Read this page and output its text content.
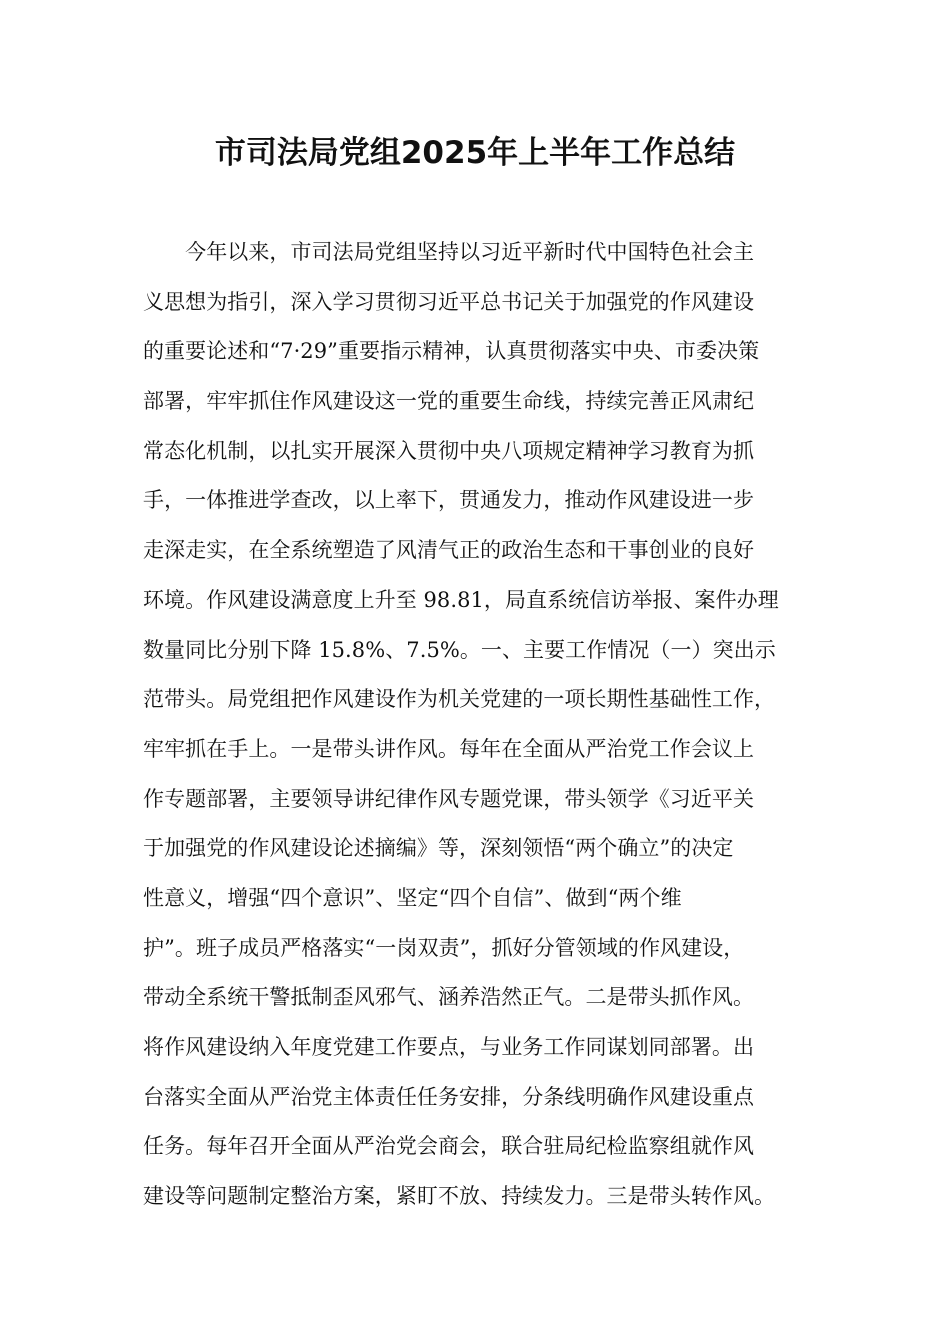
市司法局党组2025年上半年工作总结
　　今年以来，市司法局党组坚持以习近平新时代中国特色社会主
义思想为指引，深入学习贯彻习近平总书记关于加强党的作风建设
的重要论述和“7·29”重要指示精神，认真贯彻落实中央、市委决策
部署，牢牢抓住作风建设这一党的重要生命线，持续完善正风肃纪
常态化机制，以扎实开展深入贯彻中央八项规定精神学习教育为抓
手，一体推进学查改，以上率下，贯通发力，推动作风建设进一步
走深走实，在全系统塑造了风清气正的政治生态和干事创业的良好
环境。作风建设满意度上升至 98.81，局直系统信访举报、案件办理
数量同比分别下降 15.8%、7.5%。一、主要工作情况（一）突出示
范带头。局党组把作风建设作为机关党建的一项长期性基础性工作，
牢牢抓在手上。一是带头讲作风。每年在全面从严治党工作会议上
作专题部署，主要领导讲纪律作风专题党课，带头领学《习近平关
于加强党的作风建设论述摘编》等，深刻领悟“两个确立”的决定
性意义，增强“四个意识”、坚定“四个自信”、做到“两个维
护”。班子成员严格落实“一岗双责”，抓好分管领域的作风建设，
带动全系统干警抵制歪风邪气、涵养浩然正气。二是带头抓作风。
将作风建设纳入年度党建工作要点，与业务工作同谋划同部署。出
台落实全面从严治党主体责任任务安排，分条线明确作风建设重点
任务。每年召开全面从严治党会商会，联合驻局纪检监察组就作风
建设等问题制定整治方案，紧盯不放、持续发力。三是带头转作风。
